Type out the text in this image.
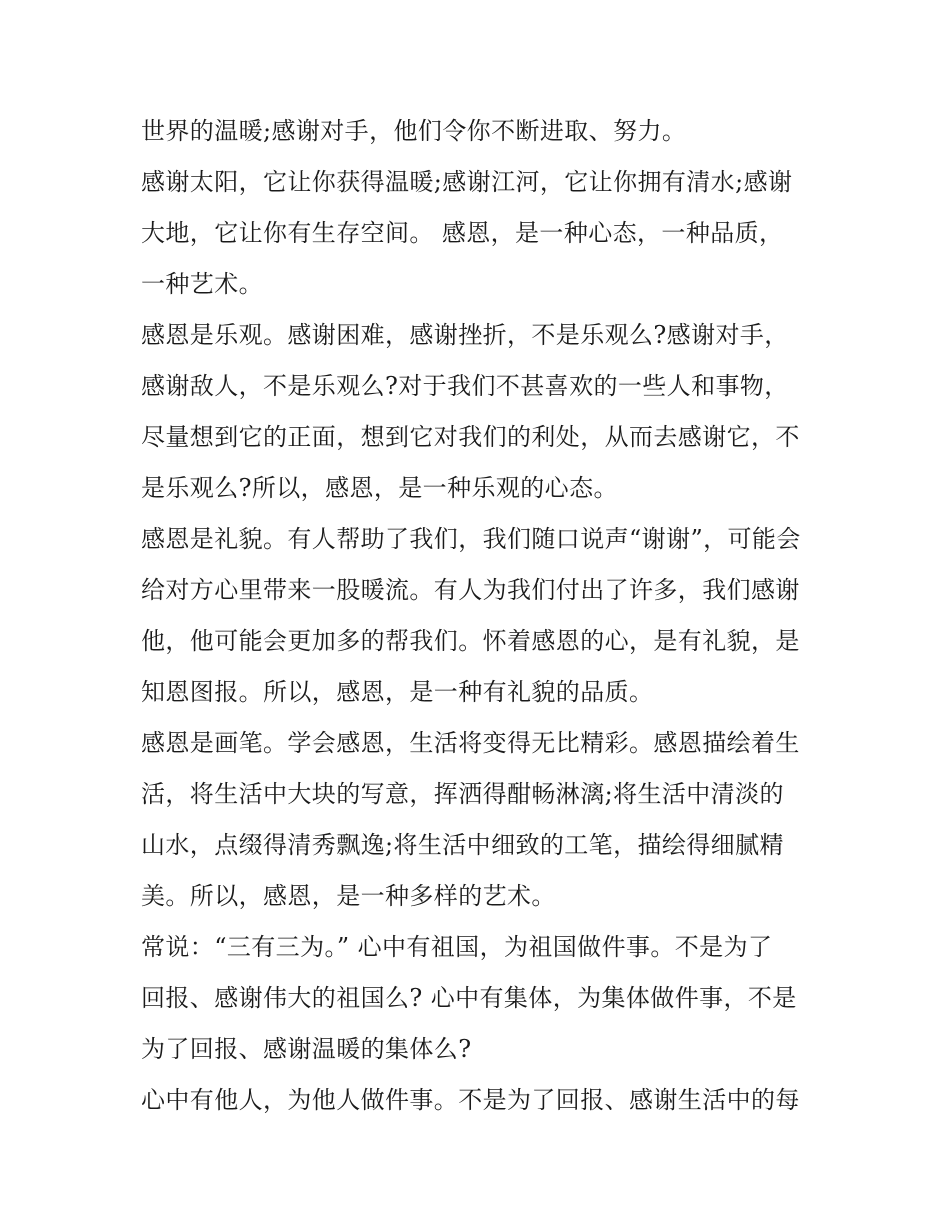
世界的温暖;感谢对手，他们令你不断进取、努力。
感谢太阳，它让你获得温暖;感谢江河，它让你拥有清水;感谢
大地，它让你有生存空间。 感恩，是一种心态，一种品质，
一种艺术。
感恩是乐观。感谢困难，感谢挫折，不是乐观么?感谢对手，
感谢敌人，不是乐观么?对于我们不甚喜欢的一些人和事物，
尽量想到它的正面，想到它对我们的利处，从而去感谢它，不
是乐观么?所以，感恩，是一种乐观的心态。
感恩是礼貌。有人帮助了我们，我们随口说声“谢谢”，可能会
给对方心里带来一股暖流。有人为我们付出了许多，我们感谢
他，他可能会更加多的帮我们。怀着感恩的心，是有礼貌，是
知恩图报。所以，感恩，是一种有礼貌的品质。
感恩是画笔。学会感恩，生活将变得无比精彩。感恩描绘着生
活，将生活中大块的写意，挥洒得酣畅淋漓;将生活中清淡的
山水，点缀得清秀飘逸;将生活中细致的工笔，描绘得细腻精
美。所以，感恩，是一种多样的艺术。
常说：“三有三为。” 心中有祖国，为祖国做件事。不是为了
回报、感谢伟大的祖国么? 心中有集体，为集体做件事，不是
为了回报、感谢温暖的集体么?
心中有他人，为他人做件事。不是为了回报、感谢生活中的每
